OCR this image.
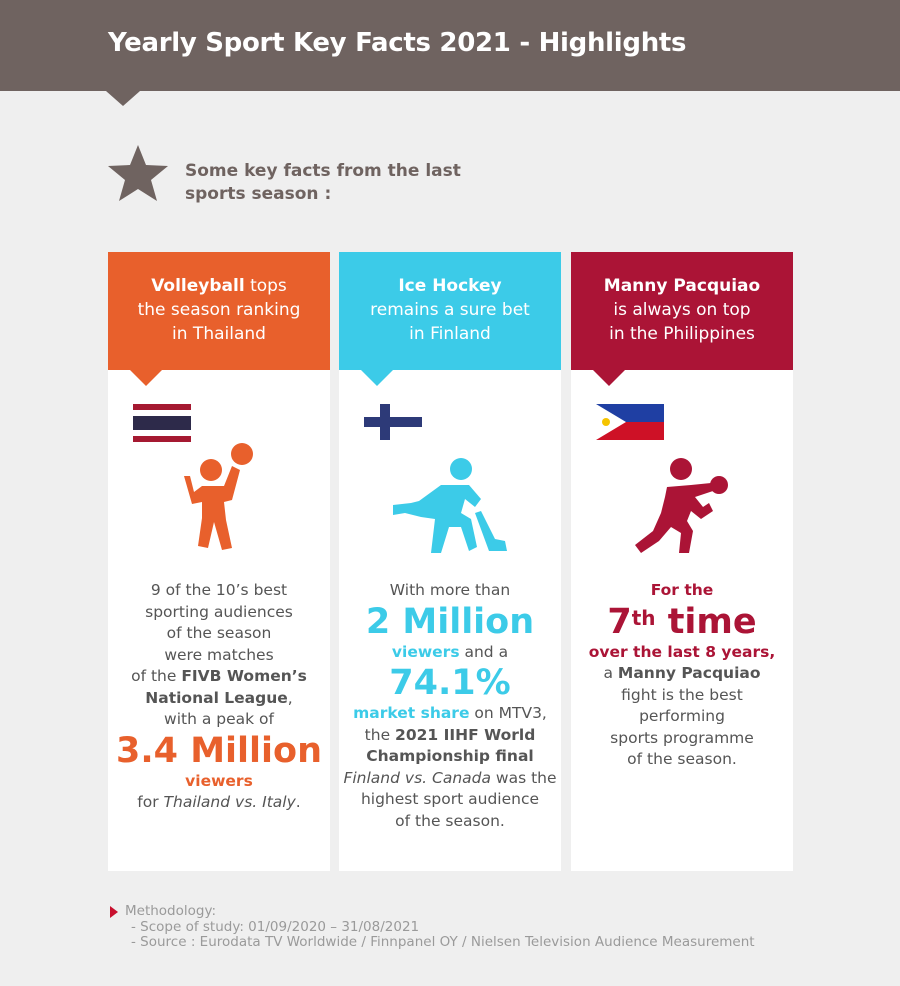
Yearly Sport Key Facts 2021 - Highlights
Some key facts from the last sports season :
Volleyball tops
the season ranking
in Thailand
9 of the 10’s best
sporting audiences
of the season
were matches
of the FIVB Women’s
National League,
with a peak of
3.4 Million
viewers
for Thailand vs. Italy.
Ice Hockey
remains a sure bet
in Finland
With more than
2 Million
viewers and a
74.1%
market share on MTV3,
the 2021 IIHF World
Championship final
Finland vs. Canada was the
highest sport audience
of the season.
Manny Pacquiao
is always on top
in the Philippines
For the
7th time
over the last 8 years,
a Manny Pacquiao
fight is the best
performing
sports programme
of the season.
Methodology:
- Scope of study: 01/09/2020 – 31/08/2021
- Source : Eurodata TV Worldwide / Finnpanel OY / Nielsen Television Audience Measurement
